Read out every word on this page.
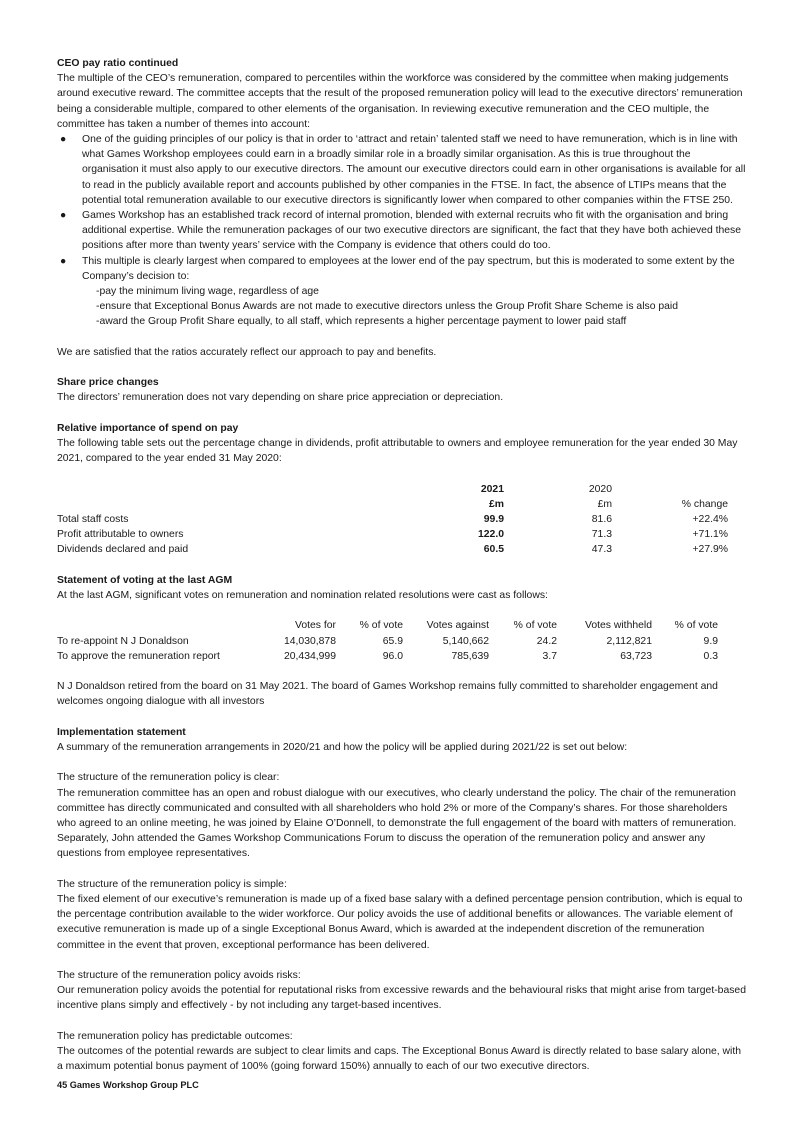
CEO pay ratio continued

The multiple of the CEO’s remuneration, compared to percentiles within the workforce was considered by the committee when making judgements around executive reward. The committee accepts that the result of the proposed remuneration policy will lead to the executive directors’ remuneration being a considerable multiple, compared to other elements of the organisation. In reviewing executive remuneration and the CEO multiple, the committee has taken a number of themes into account:

● One of the guiding principles of our policy is that in order to ‘attract and retain’ talented staff we need to have remuneration, which is in line with what Games Workshop employees could earn in a broadly similar role in a broadly similar organisation. As this is true throughout the organisation it must also apply to our executive directors. The amount our executive directors could earn in other organisations is available for all to read in the publicly available report and accounts published by other companies in the FTSE. In fact, the absence of LTIPs means that the potential total remuneration available to our executive directors is significantly lower when compared to other companies within the FTSE 250.
● Games Workshop has an established track record of internal promotion, blended with external recruits who fit with the organisation and bring additional expertise. While the remuneration packages of our two executive directors are significant, the fact that they have both achieved these positions after more than twenty years’ service with the Company is evidence that others could do too.
● This multiple is clearly largest when compared to employees at the lower end of the pay spectrum, but this is moderated to some extent by the Company’s decision to:

-pay the minimum living wage, regardless of age

-ensure that Exceptional Bonus Awards are not made to executive directors unless the Group Profit Share Scheme is also paid

-award the Group Profit Share equally, to all staff, which represents a higher percentage payment to lower paid staff

We are satisfied that the ratios accurately reflect our approach to pay and benefits.

Share price changes

The directors’ remuneration does not vary depending on share price appreciation or depreciation.

Relative importance of spend on pay

The following table sets out the percentage change in dividends, profit attributable to owners and employee remuneration for the year ended 30 May 2021, compared to the year ended 31 May 2020:

	2021	2020	
	£m	£m	% change
Total staff costs	99.9	81.6	+22.4%
Profit attributable to owners	122.0	71.3	+71.1%
Dividends declared and paid	60.5	47.3	+27.9%

Statement of voting at the last AGM

At the last AGM, significant votes on remuneration and nomination related resolutions were cast as follows:

	Votes for	% of vote	Votes against	% of vote	Votes withheld	% of vote
To re-appoint N J Donaldson	14,030,878	65.9	5,140,662	24.2	2,112,821	9.9
To approve the remuneration report	20,434,999	96.0	785,639	3.7	63,723	0.3

N J Donaldson retired from the board on 31 May 2021. The board of Games Workshop remains fully committed to shareholder engagement and welcomes ongoing dialogue with all investors

Implementation statement

A summary of the remuneration arrangements in 2020/21 and how the policy will be applied during 2021/22 is set out below:

The structure of the remuneration policy is clear:

The remuneration committee has an open and robust dialogue with our executives, who clearly understand the policy. The chair of the remuneration committee has directly communicated and consulted with all shareholders who hold 2% or more of the Company’s shares. For those shareholders who agreed to an online meeting, he was joined by Elaine O’Donnell, to demonstrate the full engagement of the board with matters of remuneration. Separately, John attended the Games Workshop Communications Forum to discuss the operation of the remuneration policy and answer any questions from employee representatives.

The structure of the remuneration policy is simple:

The fixed element of our executive’s remuneration is made up of a fixed base salary with a defined percentage pension contribution, which is equal to the percentage contribution available to the wider workforce. Our policy avoids the use of additional benefits or allowances. The variable element of executive remuneration is made up of a single Exceptional Bonus Award, which is awarded at the independent discretion of the remuneration committee in the event that proven, exceptional performance has been delivered.

The structure of the remuneration policy avoids risks:

Our remuneration policy avoids the potential for reputational risks from excessive rewards and the behavioural risks that might arise from target-based incentive plans simply and effectively - by not including any target-based incentives.

The remuneration policy has predictable outcomes:

The outcomes of the potential rewards are subject to clear limits and caps. The Exceptional Bonus Award is directly related to base salary alone, with a maximum potential bonus payment of 100% (going forward 150%) annually to each of our two executive directors.

45 Games Workshop Group PLC
